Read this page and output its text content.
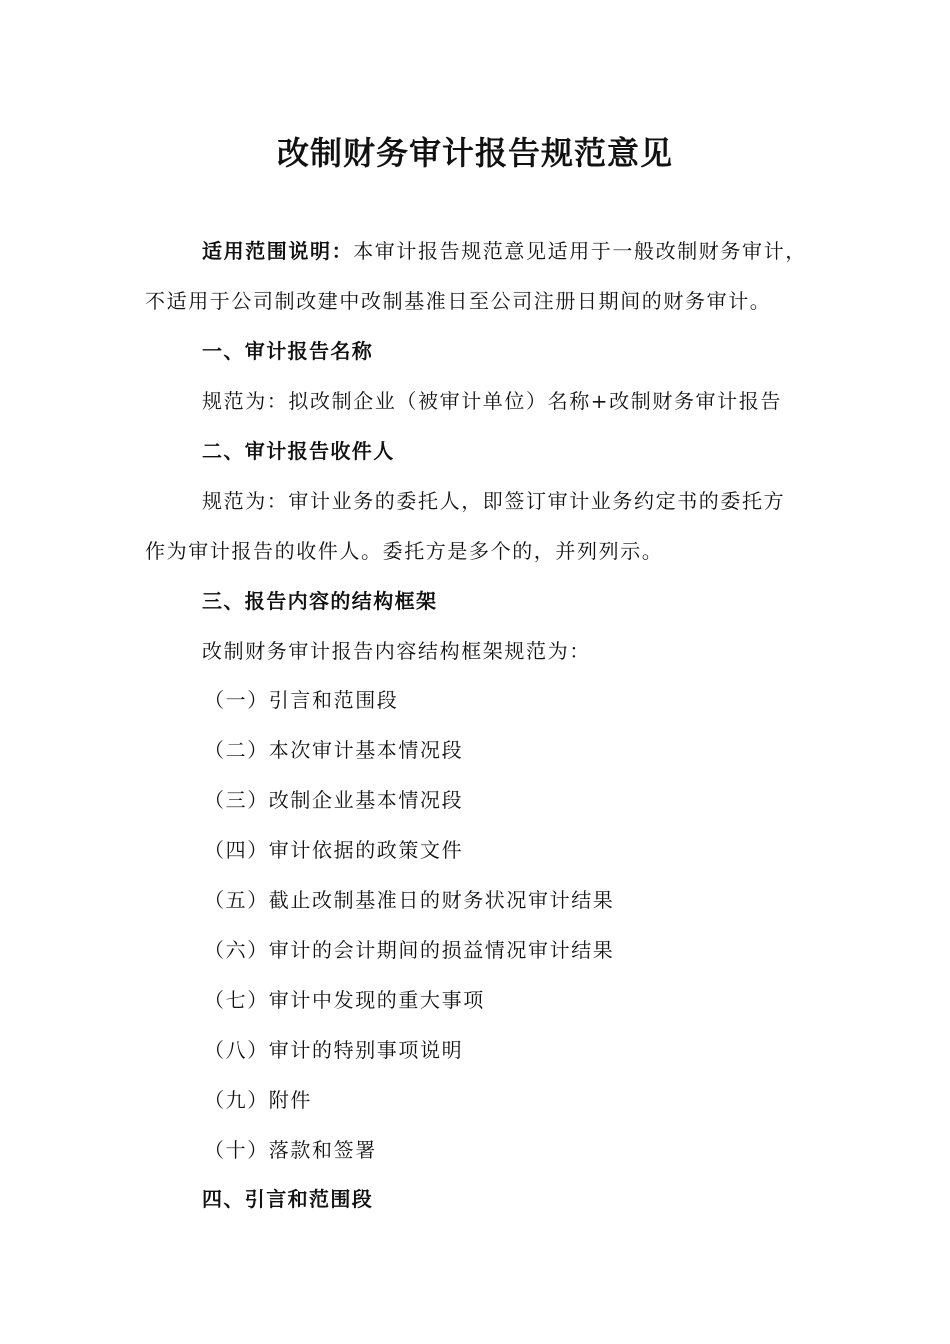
改制财务审计报告规范意见
适用范围说明：本审计报告规范意见适用于一般改制财务审计，
不适用于公司制改建中改制基准日至公司注册日期间的财务审计。
一、审计报告名称
规范为：拟改制企业（被审计单位）名称+改制财务审计报告
二、审计报告收件人
规范为：审计业务的委托人，即签订审计业务约定书的委托方
作为审计报告的收件人。委托方是多个的，并列列示。
三、报告内容的结构框架
改制财务审计报告内容结构框架规范为：
（一）引言和范围段
（二）本次审计基本情况段
（三）改制企业基本情况段
（四）审计依据的政策文件
（五）截止改制基准日的财务状况审计结果
（六）审计的会计期间的损益情况审计结果
（七）审计中发现的重大事项
（八）审计的特别事项说明
（九）附件
（十）落款和签署
四、引言和范围段
